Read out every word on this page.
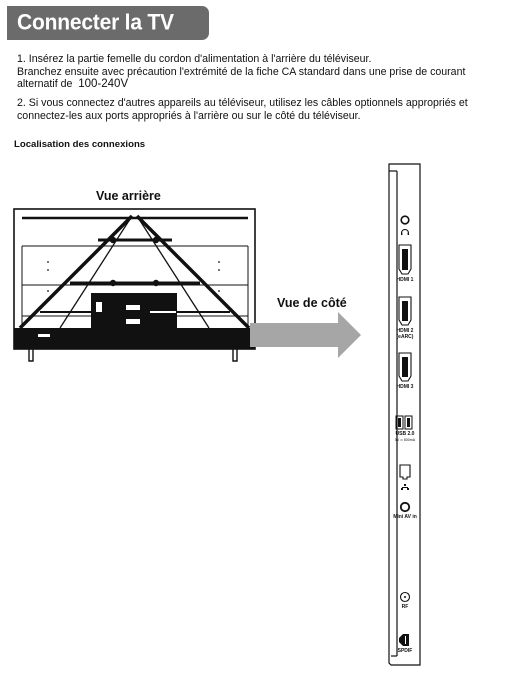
Connecter la TV
1. Insérez la partie femelle du cordon d'alimentation à l'arrière du téléviseur.
Branchez ensuite avec précaution l'extrémité de la fiche CA standard dans une prise de courant
alternatif de 100-240V
2. Si vous connectez d'autres appareils au téléviseur, utilisez les câbles optionnels appropriés et
connectez-les aux ports appropriés à l'arrière ou sur le côté du téléviseur.
Localisation des connexions
Vue arrière
Vue de côté
HDMI 1
HDMI 2
(eARC)
HDMI 3
USB 2.0
5V ═ 500mA
Mini AV in
RF
SPDIF
